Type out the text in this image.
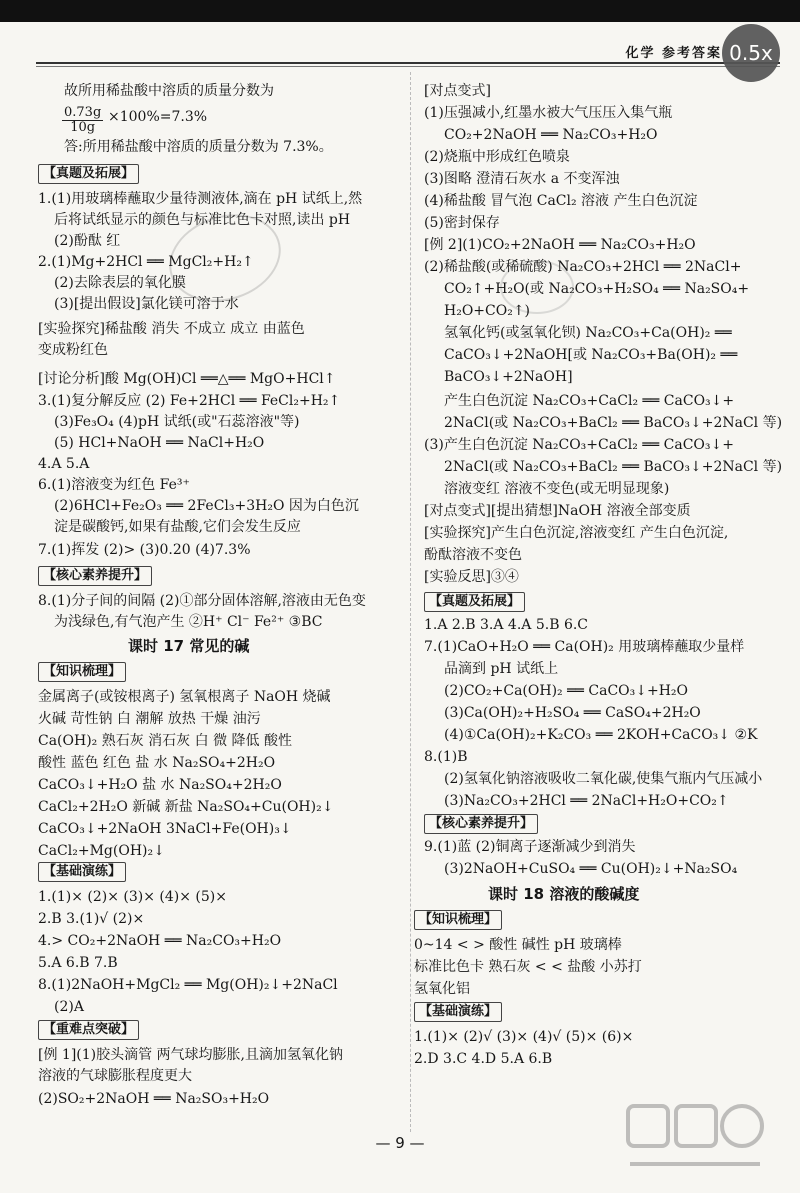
化学 参考答案 0.5x
$\frac{0.73g}{10g}$
故所用稀盐酸中溶质的质量分数为
×100%=7.3%
答:所用稀盐酸中溶质的质量分数为 7.3%。
【真题及拓展】
1.(1)用玻璃棒蘸取少量待测液体,滴在 pH 试纸上,然
后将试纸显示的颜色与标准比色卡对照,读出 pH
(2)酚酞 红
2.(1)Mg+2HCl ══ MgCl₂+H₂↑
(2)去除表层的氧化膜
(3)[提出假设]氯化镁可溶于水
[实验探究]稀盐酸 消失 不成立 成立 由蓝色
变成粉红色
[讨论分析]酸 Mg(OH)Cl ══△══ MgO+HCl↑
3.(1)复分解反应 (2) Fe+2HCl ══ FeCl₂+H₂↑
(3)Fe₃O₄ (4)pH 试纸(或"石蕊溶液"等)
(5) HCl+NaOH ══ NaCl+H₂O
4.A 5.A
6.(1)溶液变为红色 Fe³⁺
(2)6HCl+Fe₂O₃ ══ 2FeCl₃+3H₂O 因为白色沉
淀是碳酸钙,如果有盐酸,它们会发生反应
7.(1)挥发 (2)> (3)0.20 (4)7.3%
【核心素养提升】
8.(1)分子间的间隔 (2)①部分固体溶解,溶液由无色变
为浅绿色,有气泡产生 ②H⁺ Cl⁻ Fe²⁺ ③BC
课时 17 常见的碱
【知识梳理】
金属离子(或铵根离子) 氢氧根离子 NaOH 烧碱
火碱 苛性钠 白 潮解 放热 干燥 油污
Ca(OH)₂ 熟石灰 消石灰 白 微 降低 酸性
酸性 蓝色 红色 盐 水 Na₂SO₄+2H₂O
CaCO₃↓+H₂O 盐 水 Na₂SO₄+2H₂O
CaCl₂+2H₂O 新碱 新盐 Na₂SO₄+Cu(OH)₂↓
CaCO₃↓+2NaOH 3NaCl+Fe(OH)₃↓
CaCl₂+Mg(OH)₂↓
【基础演练】
1.(1)× (2)× (3)× (4)× (5)×
2.B 3.(1)√ (2)×
4.> CO₂+2NaOH ══ Na₂CO₃+H₂O
5.A 6.B 7.B
8.(1)2NaOH+MgCl₂ ══ Mg(OH)₂↓+2NaCl
(2)A
【重难点突破】
[例 1](1)胶头滴管 两气球均膨胀,且滴加氢氧化钠
溶液的气球膨胀程度更大
(2)SO₂+2NaOH ══ Na₂SO₃+H₂O
[对点变式]
(1)压强减小,红墨水被大气压压入集气瓶
CO₂+2NaOH ══ Na₂CO₃+H₂O
(2)烧瓶中形成红色喷泉
(3)图略 澄清石灰水 a 不变浑浊
(4)稀盐酸 冒气泡 CaCl₂ 溶液 产生白色沉淀
(5)密封保存
[例 2](1)CO₂+2NaOH ══ Na₂CO₃+H₂O
(2)稀盐酸(或稀硫酸) Na₂CO₃+2HCl ══ 2NaCl+
CO₂↑+H₂O(或 Na₂CO₃+H₂SO₄ ══ Na₂SO₄+
H₂O+CO₂↑)
氢氧化钙(或氢氧化钡) Na₂CO₃+Ca(OH)₂ ══
CaCO₃↓+2NaOH[或 Na₂CO₃+Ba(OH)₂ ══
BaCO₃↓+2NaOH]
产生白色沉淀 Na₂CO₃+CaCl₂ ══ CaCO₃↓+
2NaCl(或 Na₂CO₃+BaCl₂ ══ BaCO₃↓+2NaCl 等)
(3)产生白色沉淀 Na₂CO₃+CaCl₂ ══ CaCO₃↓+
2NaCl(或 Na₂CO₃+BaCl₂ ══ BaCO₃↓+2NaCl 等)
溶液变红 溶液不变色(或无明显现象)
[对点变式][提出猜想]NaOH 溶液全部变质
[实验探究]产生白色沉淀,溶液变红 产生白色沉淀,
酚酞溶液不变色
[实验反思]③④
【真题及拓展】
1.A 2.B 3.A 4.A 5.B 6.C
7.(1)CaO+H₂O ══ Ca(OH)₂ 用玻璃棒蘸取少量样
品滴到 pH 试纸上
(2)CO₂+Ca(OH)₂ ══ CaCO₃↓+H₂O
(3)Ca(OH)₂+H₂SO₄ ══ CaSO₄+2H₂O
(4)①Ca(OH)₂+K₂CO₃ ══ 2KOH+CaCO₃↓ ②K
8.(1)B
(2)氢氧化钠溶液吸收二氧化碳,使集气瓶内气压减小
(3)Na₂CO₃+2HCl ══ 2NaCl+H₂O+CO₂↑
【核心素养提升】
9.(1)蓝 (2)铜离子逐渐减少到消失
(3)2NaOH+CuSO₄ ══ Cu(OH)₂↓+Na₂SO₄
课时 18 溶液的酸碱度
【知识梳理】
0~14 < > 酸性 碱性 pH 玻璃棒
标准比色卡 熟石灰 < < 盐酸 小苏打
氢氧化铝
【基础演练】
1.(1)× (2)√ (3)× (4)√ (5)× (6)×
2.D 3.C 4.D 5.A 6.B
— 9 —
